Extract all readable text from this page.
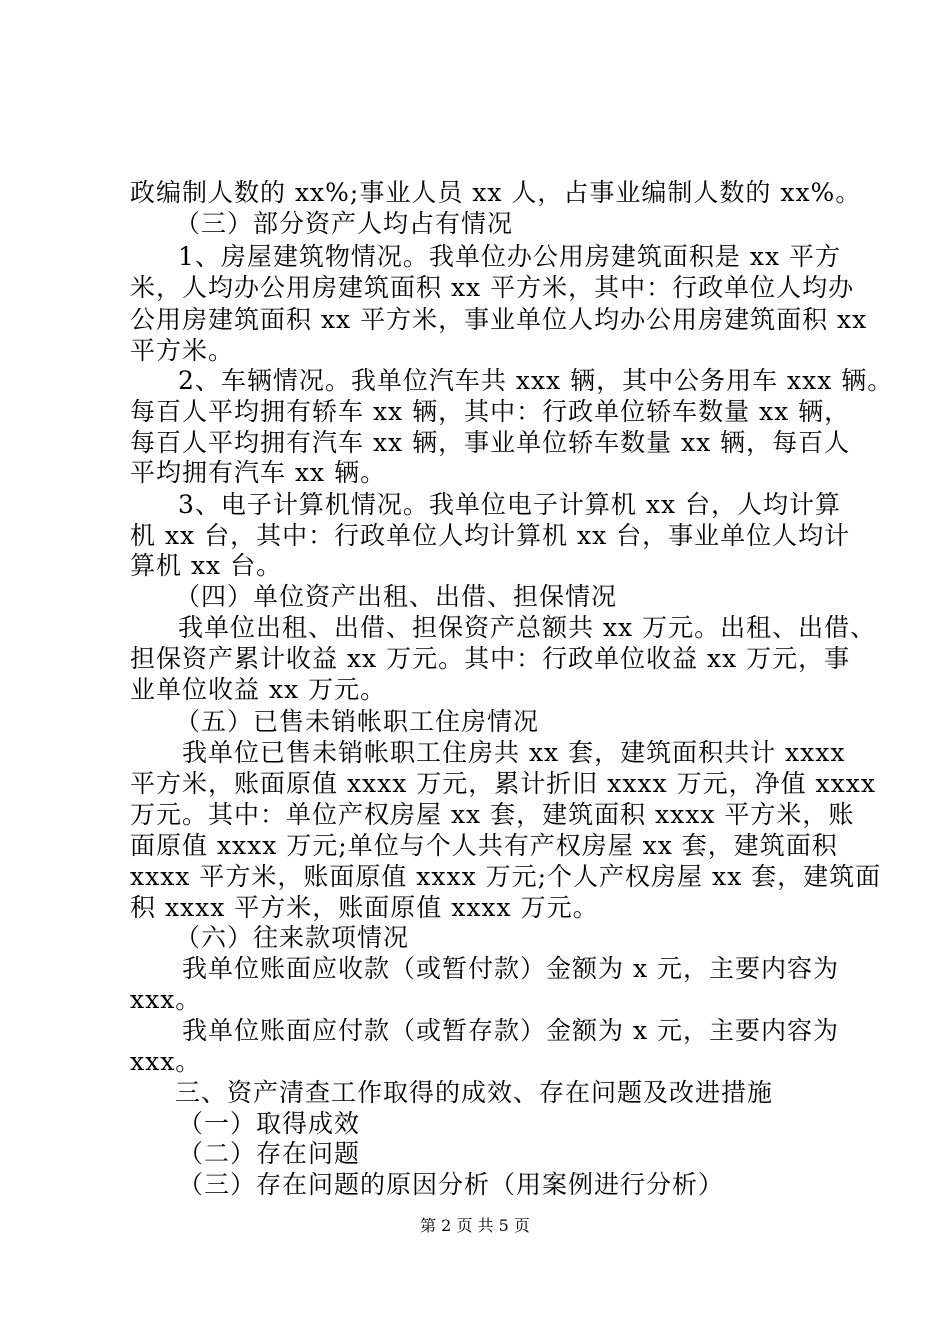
政编制人数的 xx%;事业人员 xx 人，占事业编制人数的 xx%。
（三）部分资产人均占有情况
1、房屋建筑物情况。我单位办公用房建筑面积是 xx 平方
米，人均办公用房建筑面积 xx 平方米，其中：行政单位人均办
公用房建筑面积 xx 平方米，事业单位人均办公用房建筑面积 xx
平方米。
2、车辆情况。我单位汽车共 xxx 辆，其中公务用车 xxx 辆。
每百人平均拥有轿车 xx 辆，其中：行政单位轿车数量 xx 辆，
每百人平均拥有汽车 xx 辆，事业单位轿车数量 xx 辆，每百人
平均拥有汽车 xx 辆。
3、电子计算机情况。我单位电子计算机 xx 台，人均计算
机 xx 台，其中：行政单位人均计算机 xx 台，事业单位人均计
算机 xx 台。
（四）单位资产出租、出借、担保情况
我单位出租、出借、担保资产总额共 xx 万元。出租、出借、
担保资产累计收益 xx 万元。其中：行政单位收益 xx 万元，事
业单位收益 xx 万元。
（五）已售未销帐职工住房情况
我单位已售未销帐职工住房共 xx 套，建筑面积共计 xxxx
平方米，账面原值 xxxx 万元，累计折旧 xxxx 万元，净值 xxxx
万元。其中：单位产权房屋 xx 套，建筑面积 xxxx 平方米，账
面原值 xxxx 万元;单位与个人共有产权房屋 xx 套，建筑面积
xxxx 平方米，账面原值 xxxx 万元;个人产权房屋 xx 套，建筑面
积 xxxx 平方米，账面原值 xxxx 万元。
（六）往来款项情况
我单位账面应收款（或暂付款）金额为 x 元，主要内容为
xxx。
我单位账面应付款（或暂存款）金额为 x 元，主要内容为
xxx。
三、资产清查工作取得的成效、存在问题及改进措施
（一）取得成效
（二）存在问题
（三）存在问题的原因分析（用案例进行分析）
第 2 页 共 5 页
